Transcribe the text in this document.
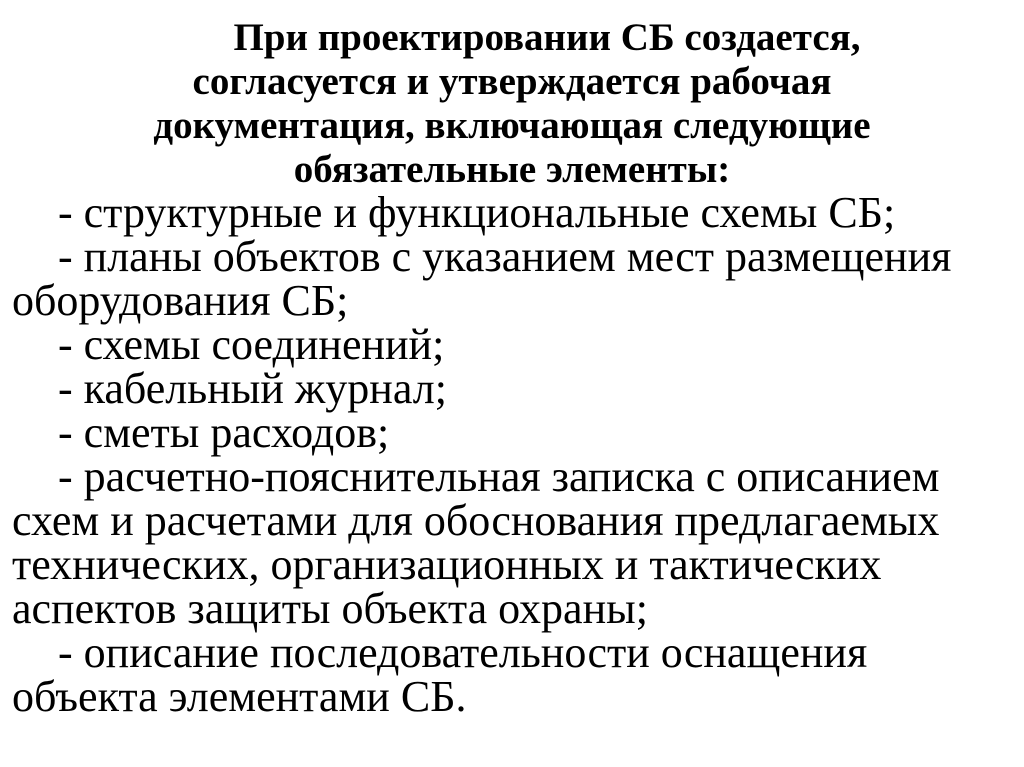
При проектировании СБ создается,
согласуется и утверждается рабочая
документация, включающая следующие
обязательные элементы:
- структурные и функциональные схемы СБ;
- планы объектов с указанием мест размещения
оборудования СБ;
- схемы соединений;
- кабельный журнал;
- сметы расходов;
- расчетно-пояснительная записка с описанием
схем и расчетами для обоснования предлагаемых
технических, организационных и тактических
аспектов защиты объекта охраны;
- описание последовательности оснащения
объекта элементами СБ.
